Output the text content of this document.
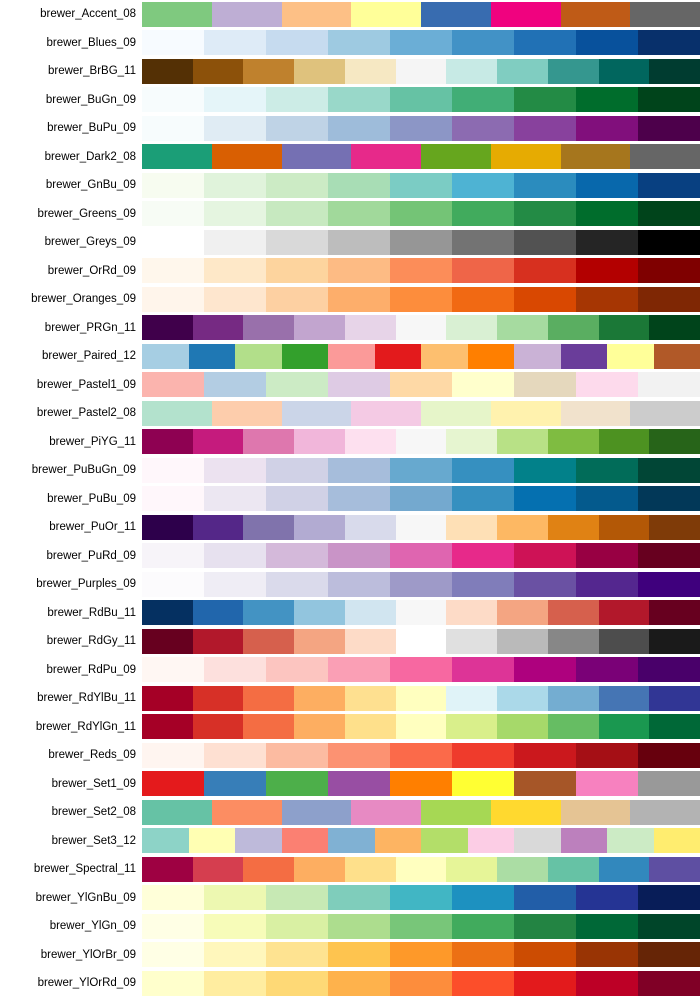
brewer_Accent_08
brewer_Blues_09
brewer_BrBG_11
brewer_BuGn_09
brewer_BuPu_09
brewer_Dark2_08
brewer_GnBu_09
brewer_Greens_09
brewer_Greys_09
brewer_OrRd_09
brewer_Oranges_09
brewer_PRGn_11
brewer_Paired_12
brewer_Pastel1_09
brewer_Pastel2_08
brewer_PiYG_11
brewer_PuBuGn_09
brewer_PuBu_09
brewer_PuOr_11
brewer_PuRd_09
brewer_Purples_09
brewer_RdBu_11
brewer_RdGy_11
brewer_RdPu_09
brewer_RdYlBu_11
brewer_RdYlGn_11
brewer_Reds_09
brewer_Set1_09
brewer_Set2_08
brewer_Set3_12
brewer_Spectral_11
brewer_YlGnBu_09
brewer_YlGn_09
brewer_YlOrBr_09
brewer_YlOrRd_09
